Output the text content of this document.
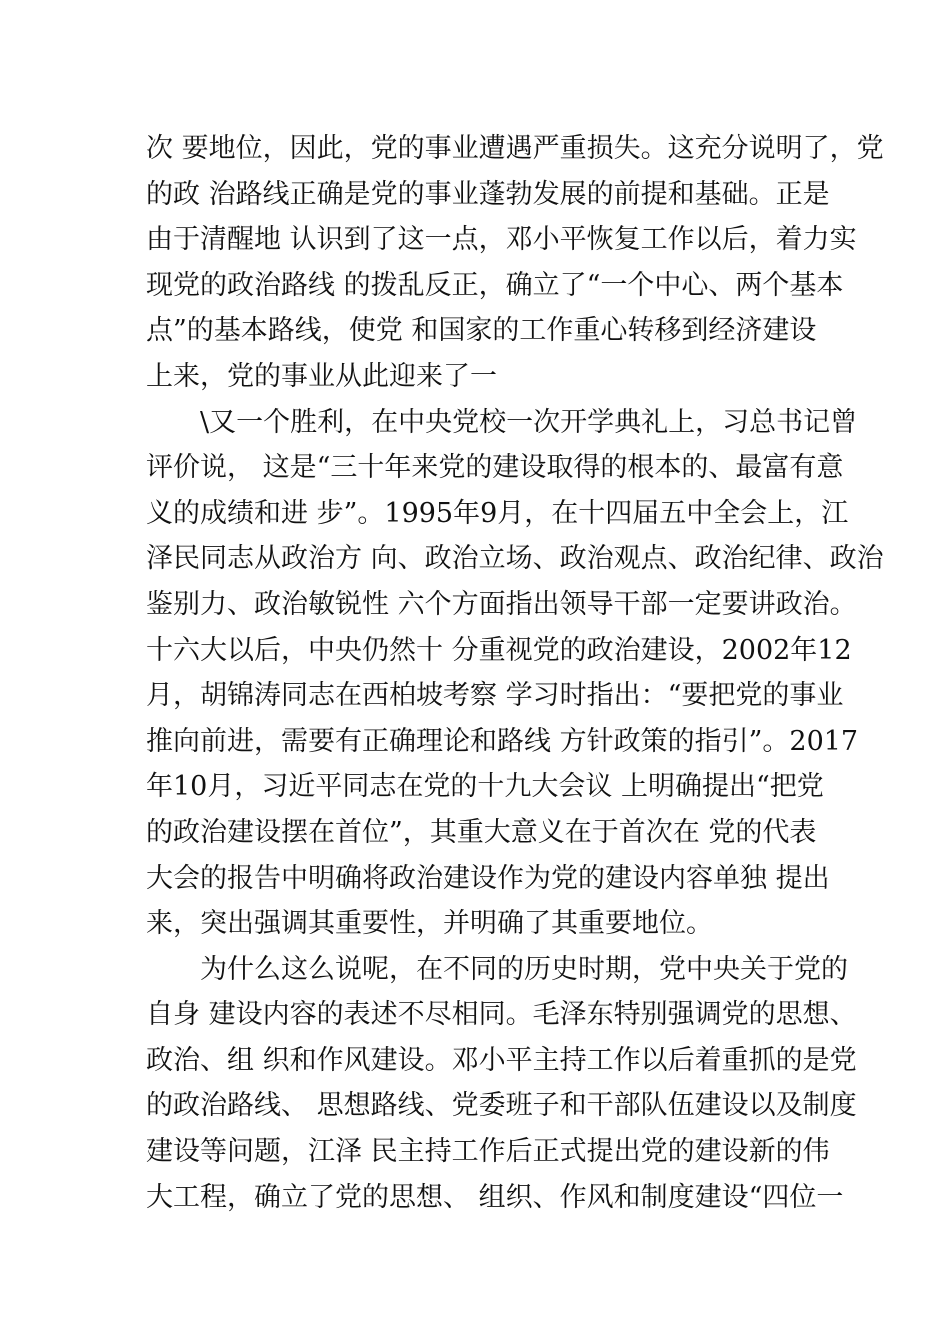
次 要地位，因此，党的事业遭遇严重损失。这充分说明了，党
的政 治路线正确是党的事业蓬勃发展的前提和基础。正是
由于清醒地 认识到了这一点，邓小平恢复工作以后，着力实
现党的政治路线 的拨乱反正，确立了“一个中心、两个基本
点”的基本路线，使党 和国家的工作重心转移到经济建设
上来，党的事业从此迎来了一
\又一个胜利，在中央党校一次开学典礼上，习总书记曾
评价说， 这是“三十年来党的建设取得的根本的、最富有意
义的成绩和进 步”。1995年9月，在十四届五中全会上，江
泽民同志从政治方 向、政治立场、政治观点、政治纪律、政治
鉴别力、政治敏锐性 六个方面指出领导干部一定要讲政治。
十六大以后，中央仍然十 分重视党的政治建设，2002年12
月，胡锦涛同志在西柏坡考察 学习时指出：“要把党的事业
推向前进，需要有正确理论和路线 方针政策的指引”。2017
年10月，习近平同志在党的十九大会议 上明确提出“把党
的政治建设摆在首位”，其重大意义在于首次在 党的代表
大会的报告中明确将政治建设作为党的建设内容单独 提出
来，突出强调其重要性，并明确了其重要地位。
为什么这么说呢，在不同的历史时期，党中央关于党的
自身 建设内容的表述不尽相同。毛泽东特别强调党的思想、
政治、组 织和作风建设。邓小平主持工作以后着重抓的是党
的政治路线、 思想路线、党委班子和干部队伍建设以及制度
建设等问题，江泽 民主持工作后正式提出党的建设新的伟
大工程，确立了党的思想、 组织、作风和制度建设“四位一
